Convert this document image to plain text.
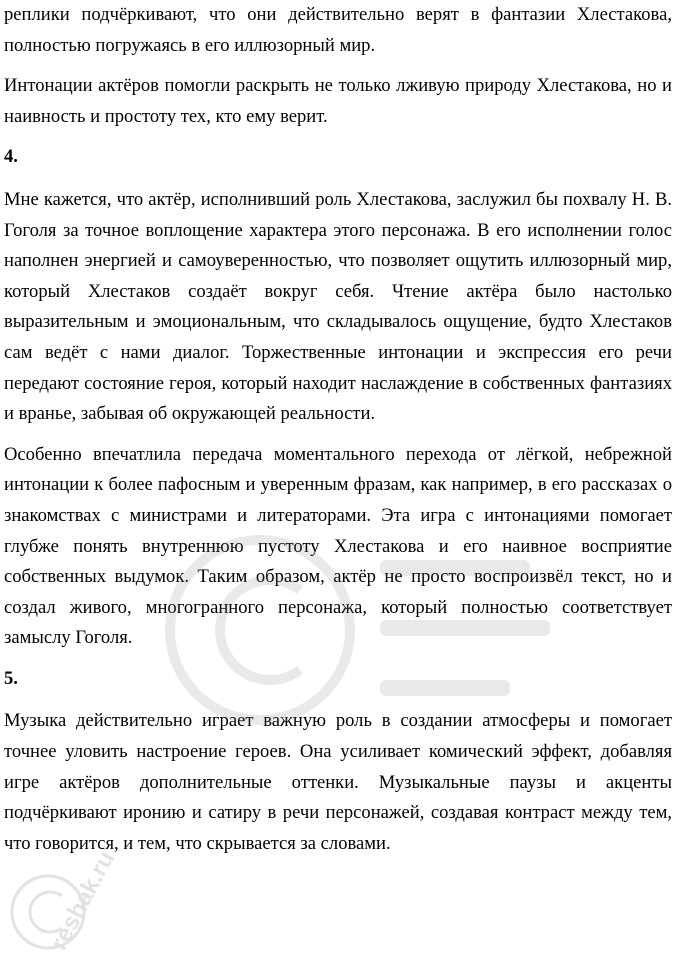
реплики подчёркивают, что они действительно верят в фантазии Хлестакова, полностью погружаясь в его иллюзорный мир.

Интонации актёров помогли раскрыть не только лживую природу Хлестакова, но и наивность и простоту тех, кто ему верит.

4.

Мне кажется, что актёр, исполнивший роль Хлестакова, заслужил бы похвалу Н. В. Гоголя за точное воплощение характера этого персонажа. В его исполнении голос наполнен энергией и самоуверенностью, что позволяет ощутить иллюзорный мир, который Хлестаков создаёт вокруг себя. Чтение актёра было настолько выразительным и эмоциональным, что складывалось ощущение, будто Хлестаков сам ведёт с нами диалог. Торжественные интонации и экспрессия его речи передают состояние героя, который находит наслаждение в собственных фантазиях и вранье, забывая об окружающей реальности.

Особенно впечатлила передача моментального перехода от лёгкой, небрежной интонации к более пафосным и уверенным фразам, как например, в его рассказах о знакомствах с министрами и литераторами. Эта игра с интонациями помогает глубже понять внутреннюю пустоту Хлестакова и его наивное восприятие собственных выдумок. Таким образом, актёр не просто воспроизвёл текст, но и создал живого, многогранного персонажа, который полностью соответствует замыслу Гоголя.

5.

Музыка действительно играет важную роль в создании атмосферы и помогает точнее уловить настроение героев. Она усиливает комический эффект, добавляя игре актёров дополнительные оттенки. Музыкальные паузы и акценты подчёркивают иронию и сатиру в речи персонажей, создавая контраст между тем, что говорится, и тем, что скрывается за словами.

reshak.ru
